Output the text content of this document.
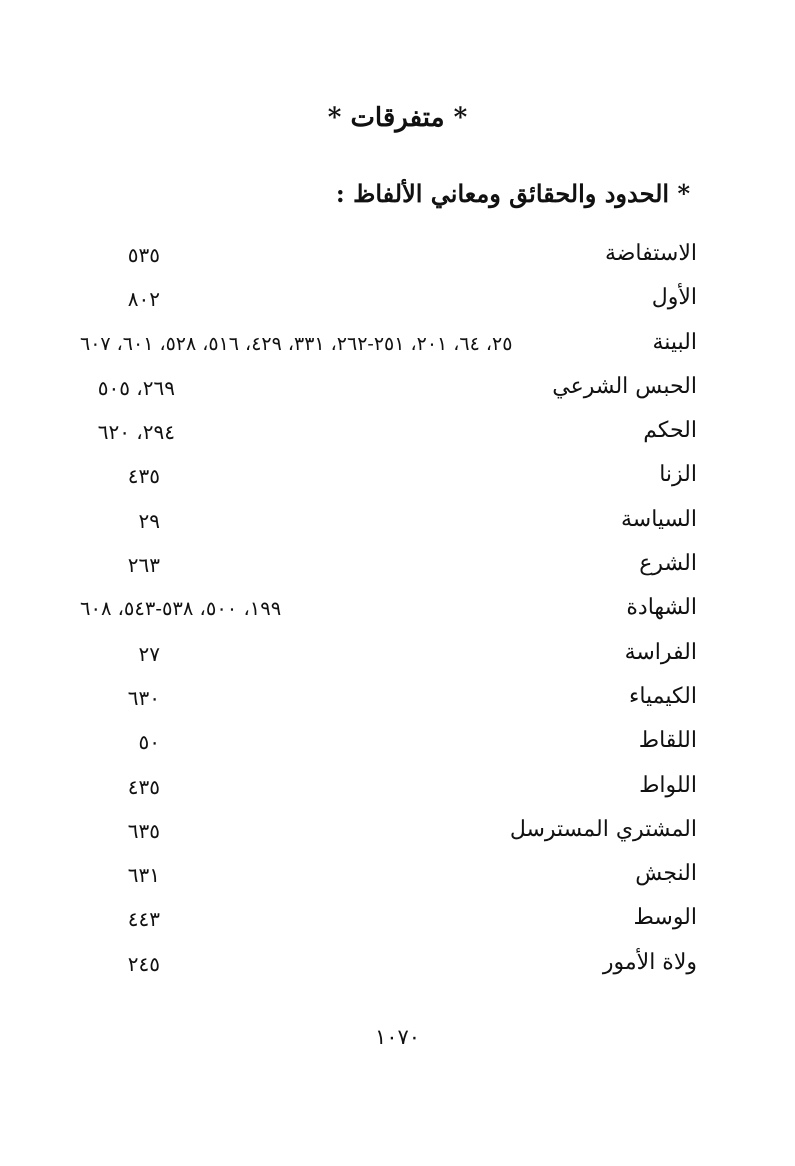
* متفرقات *
* الحدود والحقائق ومعاني الألفاظ :
الاستفاضة
٥٣٥
الأول
٨٠٢
البينة
٢٥، ٦٤، ٢٠١، ٢٥١-٢٦٢، ٣٣١، ٤٢٩، ٥١٦، ٥٢٨، ٦٠١، ٦٠٧
الحبس الشرعي
٢٦٩، ٥٠٥
الحكم
٢٩٤، ٦٢٠
الزنا
٤٣٥
السياسة
٢٩
الشرع
٢٦٣
الشهادة
١٩٩، ٥٠٠، ٥٣٨-٥٤٣، ٦٠٨
الفراسة
٢٧
الكيمياء
٦٣٠
اللقاط
٥٠
اللواط
٤٣٥
المشتري المسترسل
٦٣٥
النجش
٦٣١
الوسط
٤٤٣
ولاة الأمور
٢٤٥
١٠٧٠
